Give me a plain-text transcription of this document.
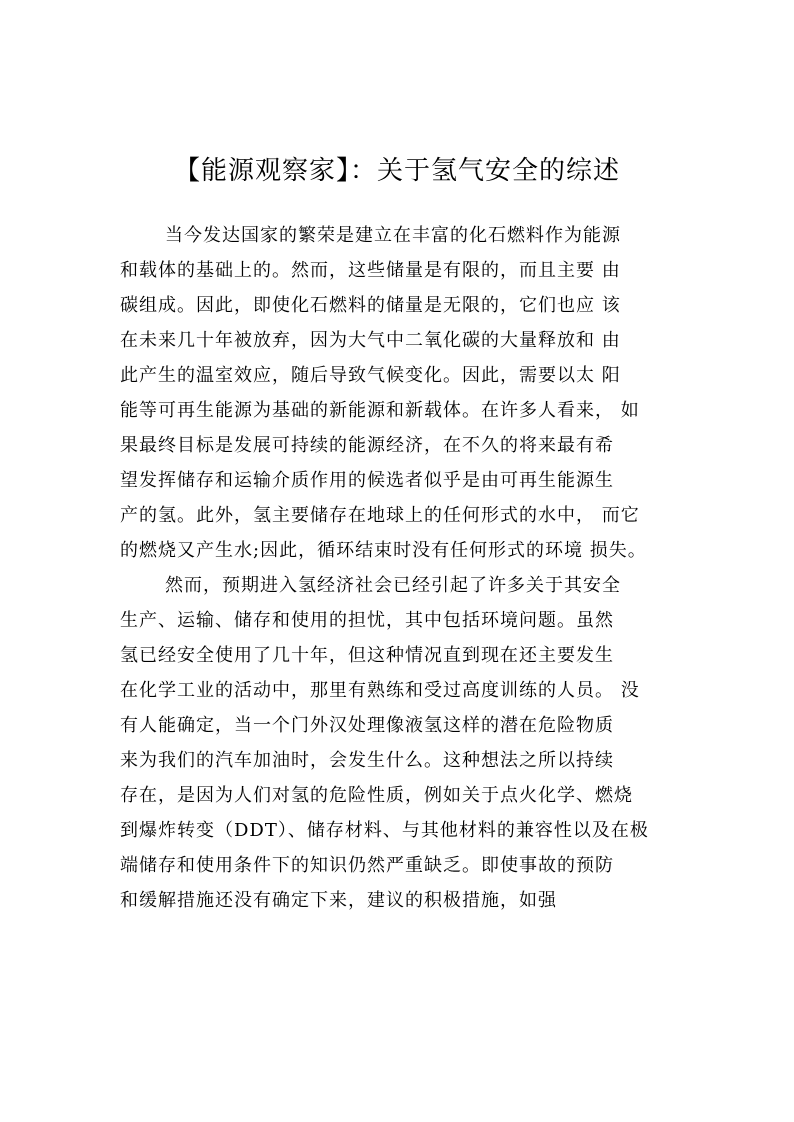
【能源观察家】：关于氢气安全的综述
当今发达国家的繁荣是建立在丰富的化石燃料作为能源
和载体的基础上的。然而，这些储量是有限的，而且主要 由
碳组成。因此，即使化石燃料的储量是无限的，它们也应 该
在未来几十年被放弃，因为大气中二氧化碳的大量释放和 由
此产生的温室效应，随后导致气候变化。因此，需要以太 阳
能等可再生能源为基础的新能源和新载体。在许多人看来， 如
果最终目标是发展可持续的能源经济，在不久的将来最有希
望发挥储存和运输介质作用的候选者似乎是由可再生能源生
产的氢。此外，氢主要储存在地球上的任何形式的水中， 而它
的燃烧又产生水;因此，循环结束时没有任何形式的环境 损失。
然而，预期进入氢经济社会已经引起了许多关于其安全
生产、运输、储存和使用的担忧，其中包括环境问题。虽然
氢已经安全使用了几十年，但这种情况直到现在还主要发生
在化学工业的活动中，那里有熟练和受过高度训练的人员。 没
有人能确定，当一个门外汉处理像液氢这样的潜在危险物质
来为我们的汽车加油时，会发生什么。这种想法之所以持续
存在，是因为人们对氢的危险性质，例如关于点火化学、燃烧
到爆炸转变（DDT）、储存材料、与其他材料的兼容性以及在极
端储存和使用条件下的知识仍然严重缺乏。即使事故的预防
和缓解措施还没有确定下来，建议的积极措施，如强
